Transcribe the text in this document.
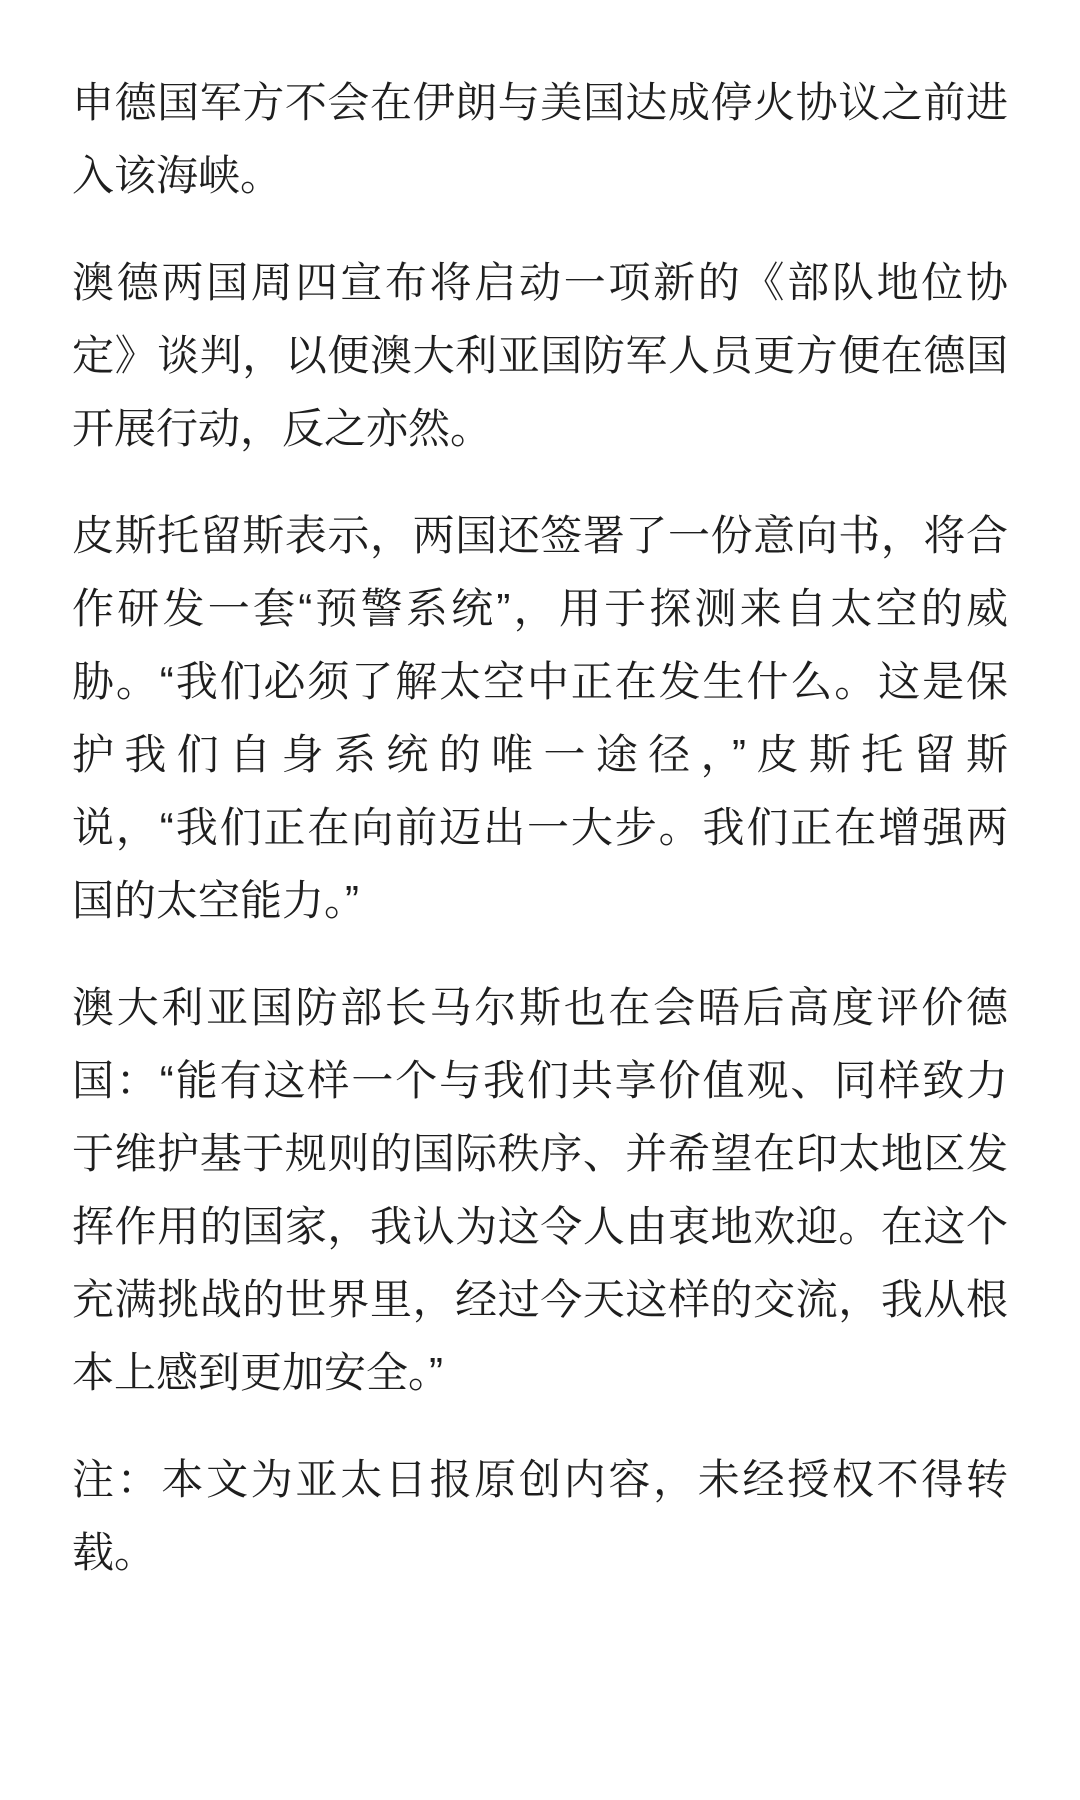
申德国军方不会在伊朗与美国达成停火协议之前进
入该海峡。

澳德两国周四宣布将启动一项新的《部队地位协
定》谈判，以便澳大利亚国防军人员更方便在德国
开展行动，反之亦然。

皮斯托留斯表示，两国还签署了一份意向书，将合
作研发一套“预警系统”，用于探测来自太空的威
胁。“我们必须了解太空中正在发生什么。这是保
护我们自身系统的唯一途径，”皮斯托留斯
说，“我们正在向前迈出一大步。我们正在增强两
国的太空能力。”

澳大利亚国防部长马尔斯也在会晤后高度评价德
国：“能有这样一个与我们共享价值观、同样致力
于维护基于规则的国际秩序、并希望在印太地区发
挥作用的国家，我认为这令人由衷地欢迎。在这个
充满挑战的世界里，经过今天这样的交流，我从根
本上感到更加安全。”

注：本文为亚太日报原创内容，未经授权不得转
载。
